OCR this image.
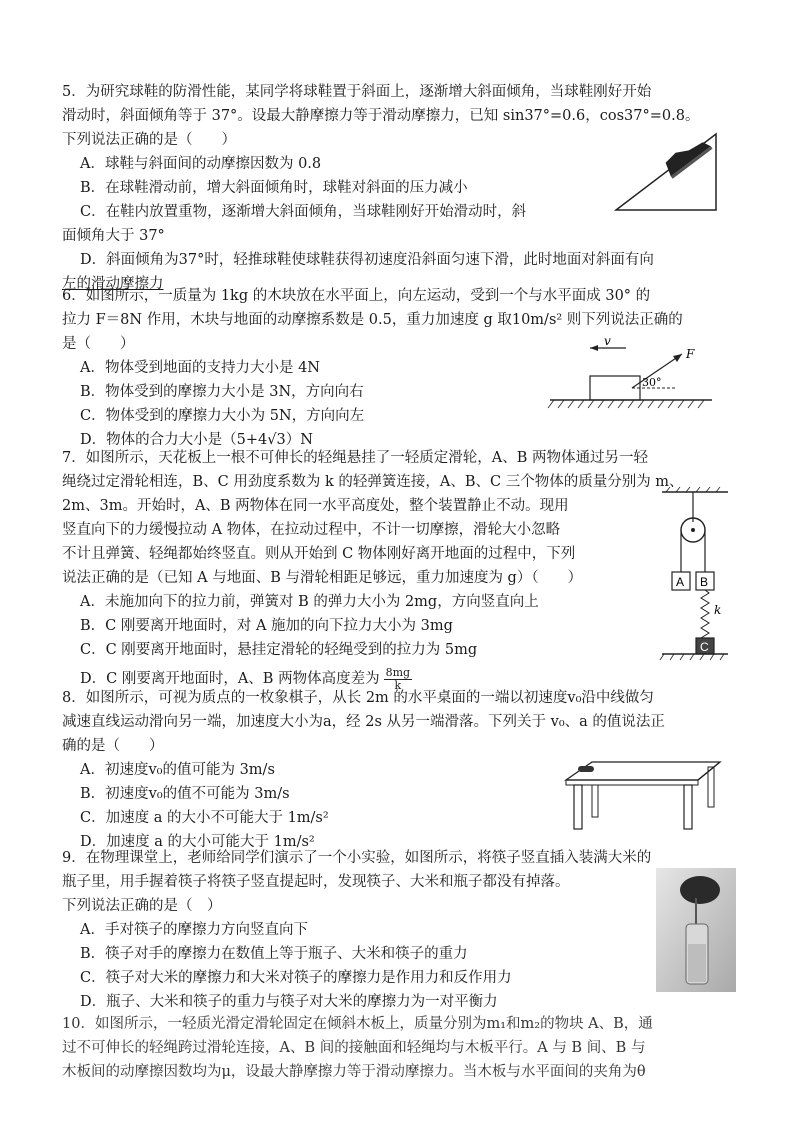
5．为研究球鞋的防滑性能，某同学将球鞋置于斜面上，逐渐增大斜面倾角，当球鞋刚好开始
滑动时，斜面倾角等于 37°。设最大静摩擦力等于滑动摩擦力，已知 sin37°=0.6，cos37°=0.8。
下列说法正确的是（　　）
A．球鞋与斜面间的动摩擦因数为 0.8
B．在球鞋滑动前，增大斜面倾角时，球鞋对斜面的压力减小
C．在鞋内放置重物，逐渐增大斜面倾角，当球鞋刚好开始滑动时，斜
面倾角大于 37°
D．斜面倾角为37°时，轻推球鞋使球鞋获得初速度沿斜面匀速下滑，此时地面对斜面有向
左的滑动摩擦力
6．如图所示，一质量为 1kg 的木块放在水平面上，向左运动，受到一个与水平面成 30° 的
拉力 F＝8N 作用，木块与地面的动摩擦系数是 0.5，重力加速度 g 取10m/s² 则下列说法正确的
是（　　）
A．物体受到地面的支持力大小是 4N
B．物体受到的摩擦力大小是 3N，方向向右
C．物体受到的摩擦力大小为 5N，方向向左
D．物体的合力大小是（5+4√3）N
v
F
30°
7．如图所示，天花板上一根不可伸长的轻绳悬挂了一轻质定滑轮，A、B 两物体通过另一轻
绳绕过定滑轮相连，B、C 用劲度系数为 k 的轻弹簧连接，A、B、C 三个物体的质量分别为 m、
2m、3m。开始时，A、B 两物体在同一水平高度处，整个装置静止不动。现用
竖直向下的力缓慢拉动 A 物体，在拉动过程中，不计一切摩擦，滑轮大小忽略
不计且弹簧、轻绳都始终竖直。则从开始到 C 物体刚好离开地面的过程中，下列
说法正确的是（已知 A 与地面、B 与滑轮相距足够远，重力加速度为 g）（　　）
A．未施加向下的拉力前，弹簧对 B 的弹力大小为 2mg，方向竖直向上
B．C 刚要离开地面时，对 A 施加的向下拉力大小为 3mg
C．C 刚要离开地面时，悬挂定滑轮的轻绳受到的拉力为 5mg
D．C 刚要离开地面时，A、B 两物体高度差为 $\frac{8mg}{k}$
A B
k
C
8．如图所示，可视为质点的一枚象棋子，从长 2m 的水平桌面的一端以初速度v₀沿中线做匀
减速直线运动滑向另一端，加速度大小为a，经 2s 从另一端滑落。下列关于 v₀、a 的值说法正
确的是（　　）
A．初速度v₀的值可能为 3m/s
B．初速度v₀的值不可能为 3m/s
C．加速度 a 的大小不可能大于 1m/s²
D．加速度 a 的大小可能大于 1m/s²
9．在物理课堂上，老师给同学们演示了一个小实验，如图所示，将筷子竖直插入装满大米的
瓶子里，用手握着筷子将筷子竖直提起时，发现筷子、大米和瓶子都没有掉落。
下列说法正确的是（　）
A．手对筷子的摩擦力方向竖直向下
B．筷子对手的摩擦力在数值上等于瓶子、大米和筷子的重力
C．筷子对大米的摩擦力和大米对筷子的摩擦力是作用力和反作用力
D．瓶子、大米和筷子的重力与筷子对大米的摩擦力为一对平衡力
10．如图所示，一轻质光滑定滑轮固定在倾斜木板上，质量分别为m₁和m₂的物块 A、B，通
过不可伸长的轻绳跨过滑轮连接，A、B 间的接触面和轻绳均与木板平行。A 与 B 间、B 与
木板间的动摩擦因数均为μ，设最大静摩擦力等于滑动摩擦力。当木板与水平面间的夹角为θ
